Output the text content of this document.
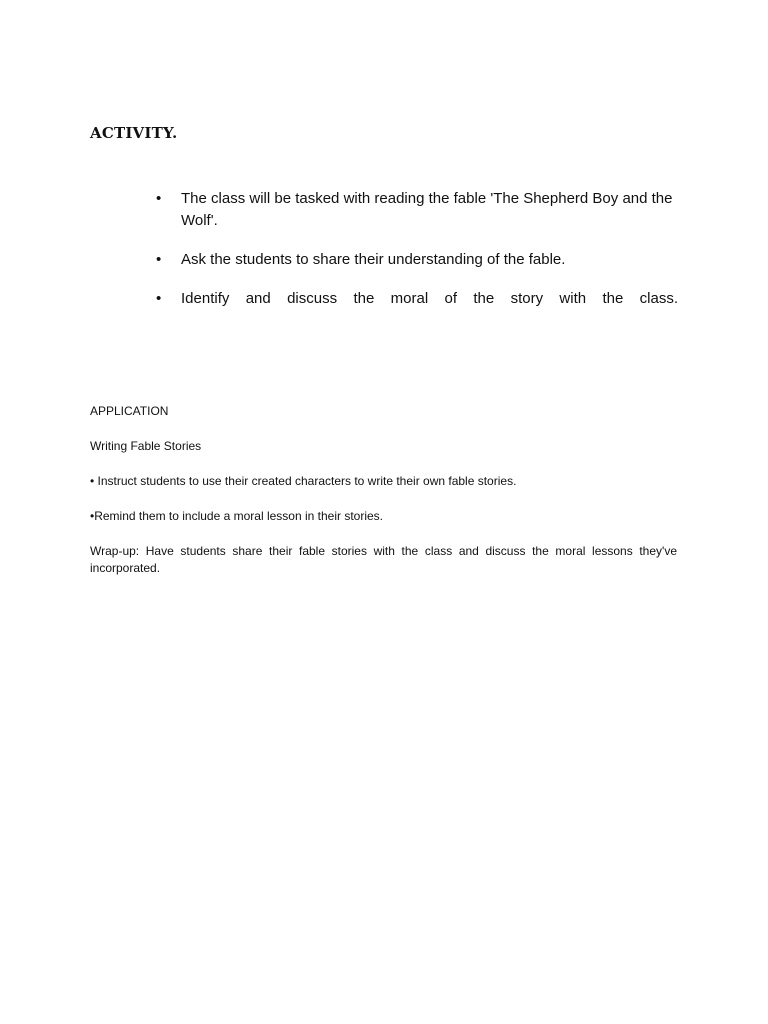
ACTIVITY.
•	The class will be tasked with reading the fable 'The Shepherd Boy and the Wolf'.
•	Ask the students to share their understanding of the fable.
•	Identify and discuss the moral of the story with the class.

APPLICATION

Writing Fable Stories

• Instruct students to use their created characters to write their own fable stories.

•Remind them to include a moral lesson in their stories.

Wrap-up: Have students share their fable stories with the class and discuss the moral lessons they've incorporated.
